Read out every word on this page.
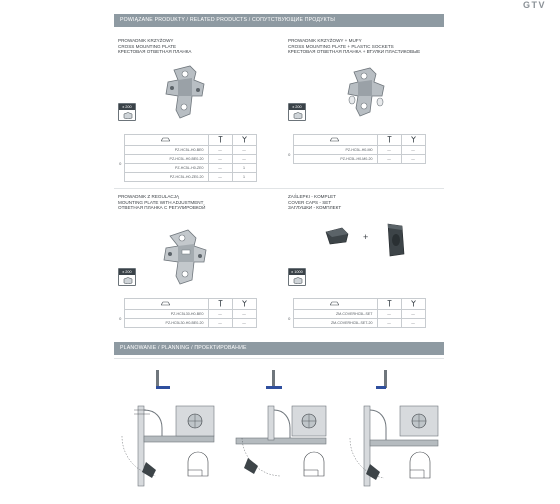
GTV
POWIĄZANE PRODUKTY / RELATED PRODUCTS / СОПУТСТВУЮЩИЕ ПРОДУКТЫ
PROWADNIK KRZYŻOWY
CROSS MOUNTING PLATE
КРЕСТОВАЯ ОТВЕТНАЯ ПЛАНКА
x 200

0	PZ-HC5L-H0-BE0	—	—
	PZ-HC5L-H0-BE0-20	—	—
	PZ-HC5L-H0-ZE0	—	1
	PZ-HC5L-H0-ZE0-20	—	1
PROWADNIK KRZYŻOWY + MUFY
CROSS MOUNTING PLATE + PLASTIC SOCKETS
КРЕСТОВАЯ ОТВЕТНАЯ ПЛАНКА + ВТУЛКИ ПЛАСТИКОВЫЕ
x 200

0	PZ-HC5L-H0-M0	—	—
	PZ-HC5L-H0-M0-20	—	—
PROWADNIK Z REGULACJĄ
MOUNTING PLATE WITH ADJUSTMENT
ОТВЕТНАЯ ПЛАНКА С РЕГУЛИРОВКОЙ
x 200

0	PZ-HC5L30-H0-BE0	—	—
	PZ-HC5L30-H0-BE0-20	—	—
ZAŚLEPKI - KOMPLET
COVER CAPS - SET
ЗАГЛУШКИ - КОМПЛЕКТ
+
x 1000

0	ZM-COVERHC5L-SET	—	—
	ZM-COVERHC5L-SET-20	—	—
PLANOWANIE / PLANNING / ПРОЕКТИРОВАНИЕ
